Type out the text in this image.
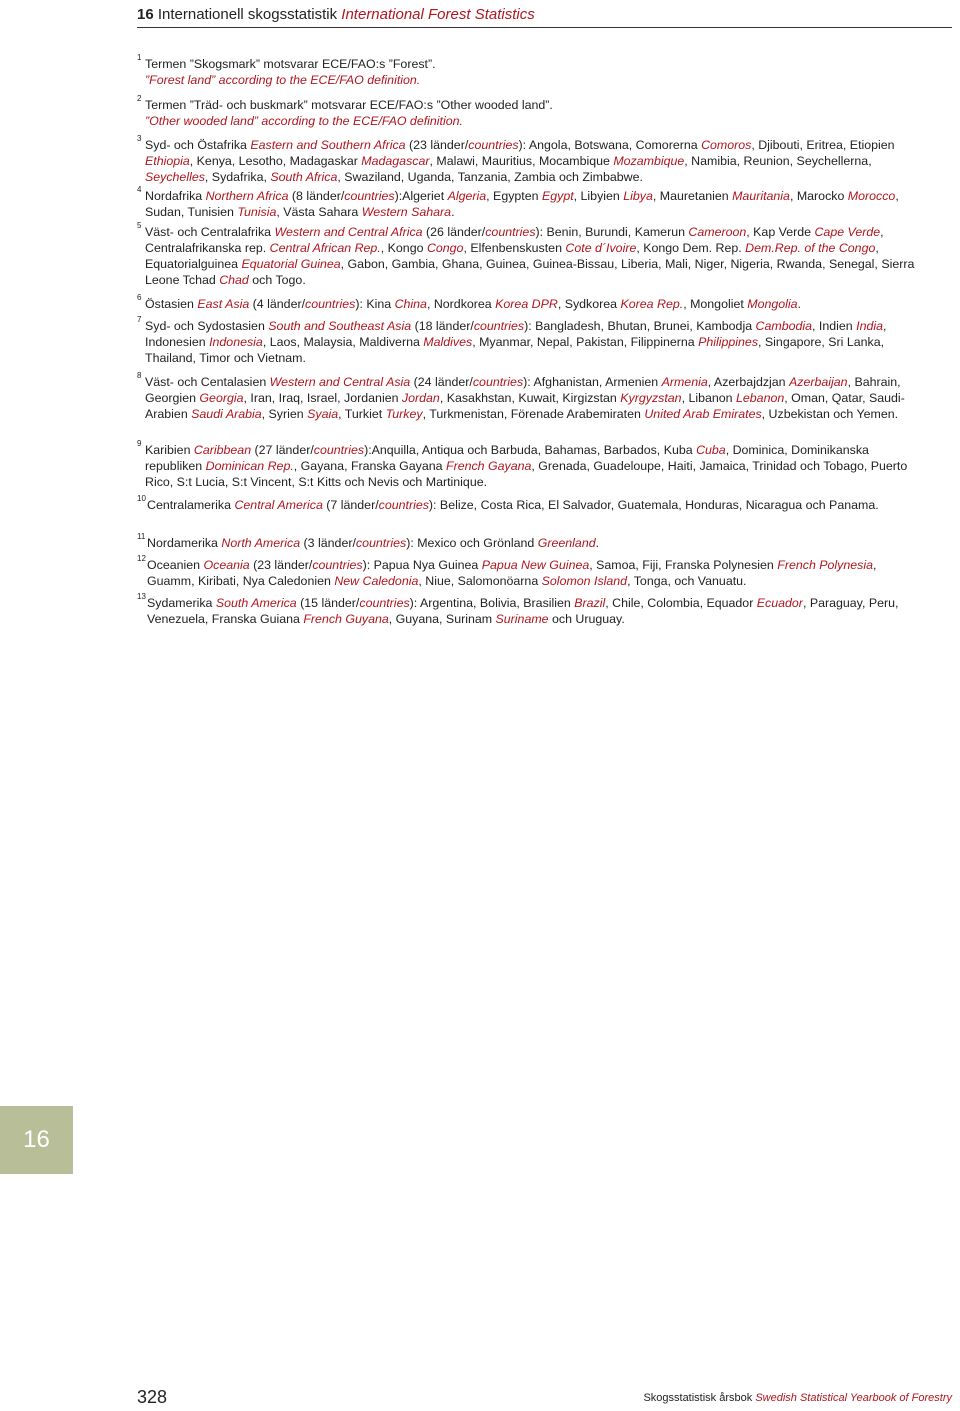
16 Internationell skogsstatistik International Forest Statistics
1 Termen ”Skogsmark” motsvarar ECE/FAO:s ”Forest”.
”Forest land” according to the ECE/FAO definition.
2 Termen ”Träd- och buskmark” motsvarar ECE/FAO:s ”Other wooded land”.
”Other wooded land” according to the ECE/FAO definition.
3 Syd- och Östafrika Eastern and Southern Africa (23 länder/countries): Angola, Botswana, Comorerna Comoros, Djibouti, Eritrea, Etiopien Ethiopia, Kenya, Lesotho, Madagaskar Madagascar, Malawi, Mauritius, Mocambique Mozambique, Namibia, Reunion, Seychellerna, Seychelles, Sydafrika, South Africa, Swaziland, Uganda, Tanzania, Zambia och Zimbabwe.
4 Nordafrika Northern Africa (8 länder/countries):Algeriet Algeria, Egypten Egypt, Libyien Libya, Mauretanien Mauritania, Marocko Morocco, Sudan, Tunisien Tunisia, Västa Sahara Western Sahara.
5 Väst- och Centralafrika Western and Central Africa (26 länder/countries): Benin, Burundi, Kamerun Cameroon, Kap Verde Cape Verde, Centralafrikanska rep. Central African Rep., Kongo Congo, Elfenbenskusten Cote d´Ivoire, Kongo Dem. Rep. Dem.Rep. of the Congo, Equatorialguinea Equatorial Guinea, Gabon, Gambia, Ghana, Guinea, Guinea-Bissau, Liberia, Mali, Niger, Nigeria, Rwanda, Senegal, Sierra Leone Tchad Chad och Togo.
6 Östasien East Asia (4 länder/countries): Kina China, Nordkorea Korea DPR, Sydkorea Korea Rep., Mongoliet Mongolia.
7 Syd- och Sydostasien South and Southeast Asia (18 länder/countries): Bangladesh, Bhutan, Brunei, Kambodja Cambodia, Indien India, Indonesien Indonesia, Laos, Malaysia, Maldiverna Maldives, Myanmar, Nepal, Pakistan, Filippinerna Philippines, Singapore, Sri Lanka, Thailand, Timor och Vietnam.
8 Väst- och Centalasien Western and Central Asia (24 länder/countries): Afghanistan, Armenien Armenia, Azerbajdzjan Azerbaijan, Bahrain, Georgien Georgia, Iran, Iraq, Israel, Jordanien Jordan, Kasakhstan, Kuwait, Kirgizstan Kyrgyzstan, Libanon Lebanon, Oman, Qatar, Saudi-Arabien Saudi Arabia, Syrien Syaia, Turkiet Turkey, Turkmenistan, Förenade Arabemiraten United Arab Emirates, Uzbekistan och Yemen.
9 Karibien Caribbean (27 länder/countries):Anquilla, Antiqua och Barbuda, Bahamas, Barbados, Kuba Cuba, Dominica, Dominikanska republiken Dominican Rep., Gayana, Franska Gayana French Gayana, Grenada, Guadeloupe, Haiti, Jamaica, Trinidad och Tobago, Puerto Rico, S:t Lucia, S:t Vincent, S:t Kitts och Nevis och Martinique.
10 Centralamerika Central America (7 länder/countries): Belize, Costa Rica, El Salvador, Guatemala, Honduras, Nicaragua och Panama.
11 Nordamerika North America (3 länder/countries): Mexico och Grönland Greenland.
12 Oceanien Oceania (23 länder/countries): Papua Nya Guinea Papua New Guinea, Samoa, Fiji, Franska Polynesien French Polynesia, Guamm, Kiribati, Nya Caledonien New Caledonia, Niue, Salomonöarna Solomon Island, Tonga, och Vanuatu.
13 Sydamerika South America (15 länder/countries): Argentina, Bolivia, Brasilien Brazil, Chile, Colombia, Equador Ecuador, Paraguay, Peru, Venezuela, Franska Guiana French Guyana, Guyana, Surinam Suriname och Uruguay.
16
328	Skogsstatistisk årsbok Swedish Statistical Yearbook of Forestry
